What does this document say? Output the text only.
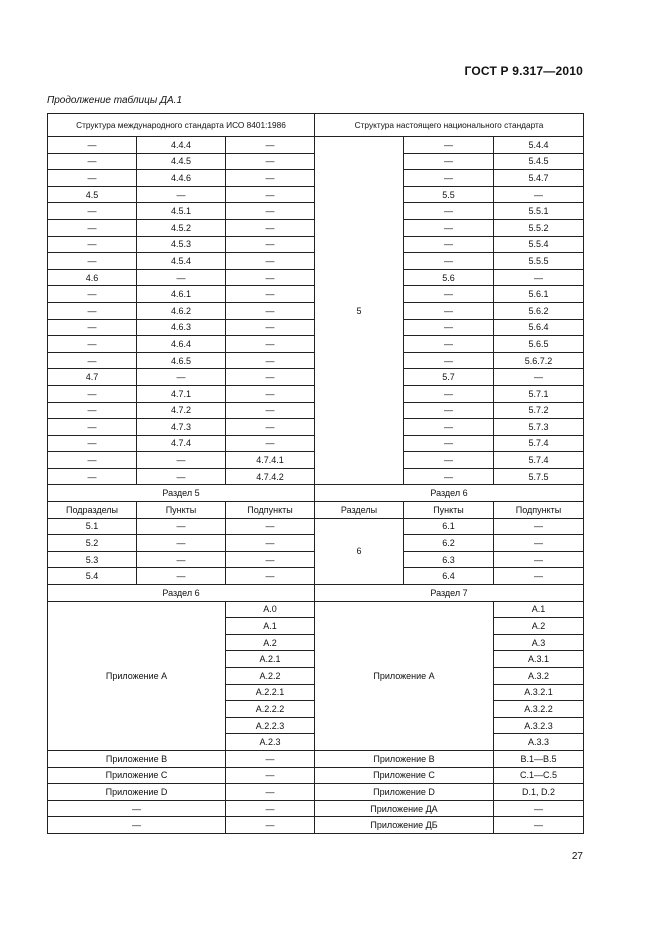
ГОСТ Р 9.317—2010
Продолжение таблицы ДА.1
Структура международного стандарта ИСО 8401:1986			Структура настоящего национального стандарта		
—	4.4.4	—	5	—	5.4.4
—	4.4.5	—		—	5.4.5
—	4.4.6	—		—	5.4.7
4.5	—	—		5.5	—
—	4.5.1	—		—	5.5.1
—	4.5.2	—		—	5.5.2
—	4.5.3	—		—	5.5.4
—	4.5.4	—		—	5.5.5
4.6	—	—		5.6	—
—	4.6.1	—		—	5.6.1
—	4.6.2	—		—	5.6.2
—	4.6.3	—		—	5.6.4
—	4.6.4	—		—	5.6.5
—	4.6.5	—		—	5.6.7.2
4.7	—	—		5.7	—
—	4.7.1	—		—	5.7.1
—	4.7.2	—		—	5.7.2
—	4.7.3	—		—	5.7.3
—	4.7.4	—		—	5.7.4
—	—	4.7.4.1		—	5.7.4
—	—	4.7.4.2		—	5.7.5
Раздел 5			Раздел 6		
Подразделы	Пункты	Подпункты	Разделы	Пункты	Подпункты
5.1	—	—	6	6.1	—
5.2	—	—		6.2	—
5.3	—	—		6.3	—
5.4	—	—		6.4	—
Раздел 6			Раздел 7		
Приложение А		А.0	Приложение А		А.1
		А.1			А.2
		А.2			А.3
		А.2.1			А.3.1
		А.2.2			А.3.2
		А.2.2.1			А.3.2.1
		А.2.2.2			А.3.2.2
		А.2.2.3			А.3.2.3
		А.2.3			А.3.3
Приложение В		—	Приложение В		В.1—В.5
Приложение С		—	Приложение С		С.1—С.5
Приложение D		—	Приложение D		D.1, D.2
—		—	Приложение ДА		—
—		—	Приложение ДБ		—
27
